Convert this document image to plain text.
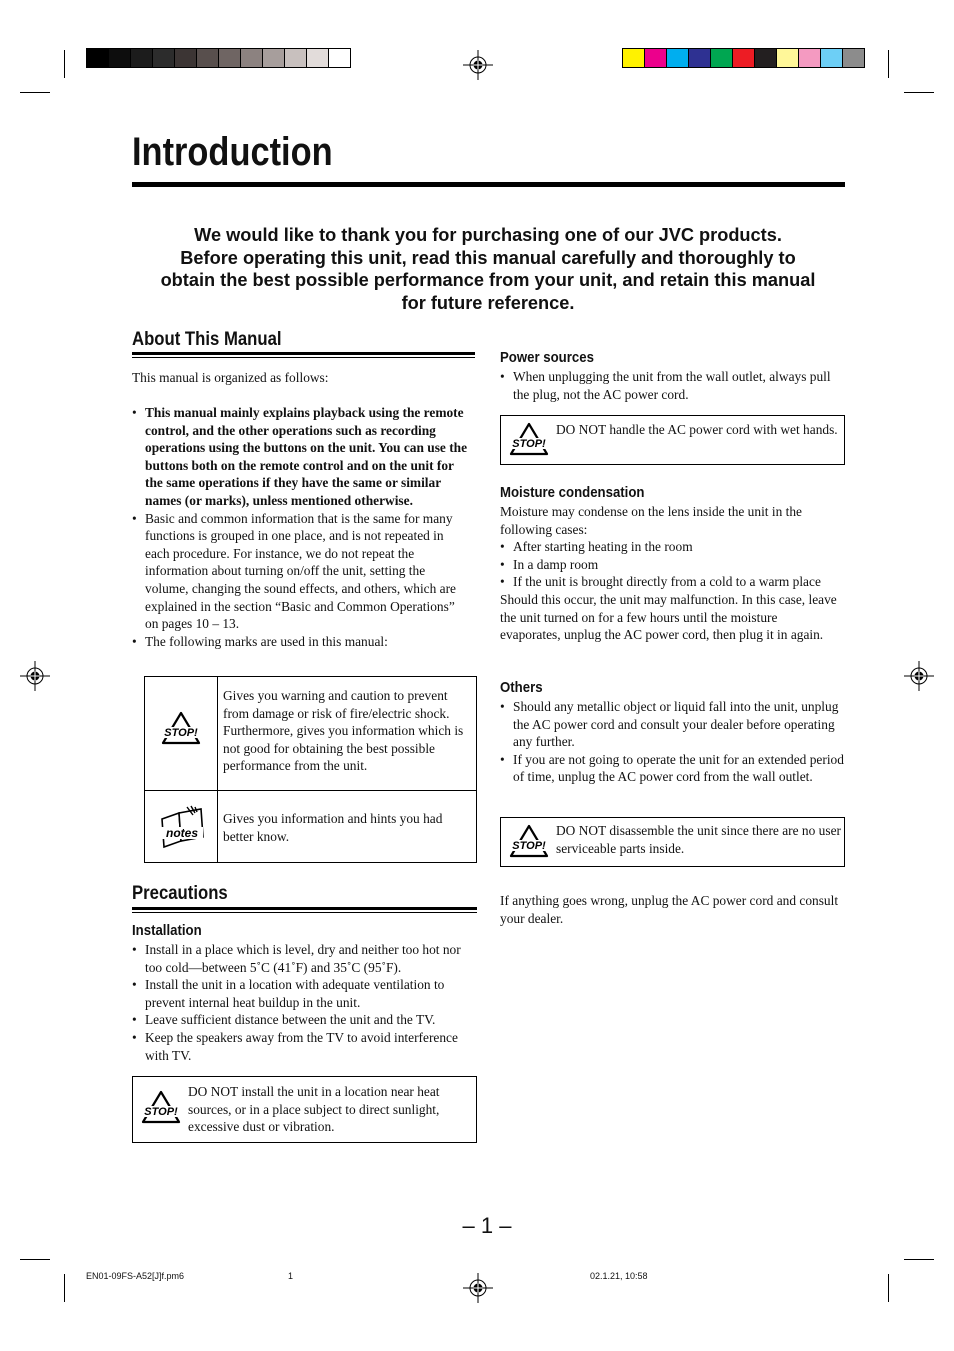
Introduction
We would like to thank you for purchasing one of our JVC products.
Before operating this unit, read this manual carefully and thoroughly to
obtain the best possible performance from your unit, and retain this manual
for future reference.
About This Manual
This manual is organized as follows:
• This manual mainly explains playback using the remote control, and the other operations such as recording operations using the buttons on the unit. You can use the buttons both on the remote control and on the unit for the same operations if they have the same or similar names (or marks), unless mentioned otherwise.
• Basic and common information that is the same for many functions is grouped in one place, and is not repeated in each procedure. For instance, we do not repeat the information about turning on/off the unit, setting the volume, changing the sound effects, and others, which are explained in the section “Basic and Common Operations” on pages 10 – 13.
• The following marks are used in this manual:
STOP!
Gives you warning and caution to prevent from damage or risk of fire/electric shock. Furthermore, gives you information which is not good for obtaining the best possible performance from the unit.
notes
Gives you information and hints you had better know.
Precautions
Installation
• Install in a place which is level, dry and neither too hot nor too cold—between 5˚C (41˚F) and 35˚C (95˚F).
• Install the unit in a location with adequate ventilation to prevent internal heat buildup in the unit.
• Leave sufficient distance between the unit and the TV.
• Keep the speakers away from the TV to avoid interference with TV.
STOP!
DO NOT install the unit in a location near heat sources, or in a place subject to direct sunlight, excessive dust or vibration.
Power sources
• When unplugging the unit from the wall outlet, always pull the plug, not the AC power cord.
STOP!
DO NOT handle the AC power cord with wet hands.
Moisture condensation
Moisture may condense on the lens inside the unit in the following cases:
• After starting heating in the room
• In a damp room
• If the unit is brought directly from a cold to a warm place
Should this occur, the unit may malfunction. In this case, leave the unit turned on for a few hours until the moisture evaporates, unplug the AC power cord, then plug it in again.
Others
• Should any metallic object or liquid fall into the unit, unplug the AC power cord and consult your dealer before operating any further.
• If you are not going to operate the unit for an extended period of time, unplug the AC power cord from the wall outlet.
STOP!
DO NOT disassemble the unit since there are no user serviceable parts inside.
If anything goes wrong, unplug the AC power cord and consult your dealer.
– 1 –
EN01-09FS-A52[J]f.pm6	1	02.1.21, 10:58
